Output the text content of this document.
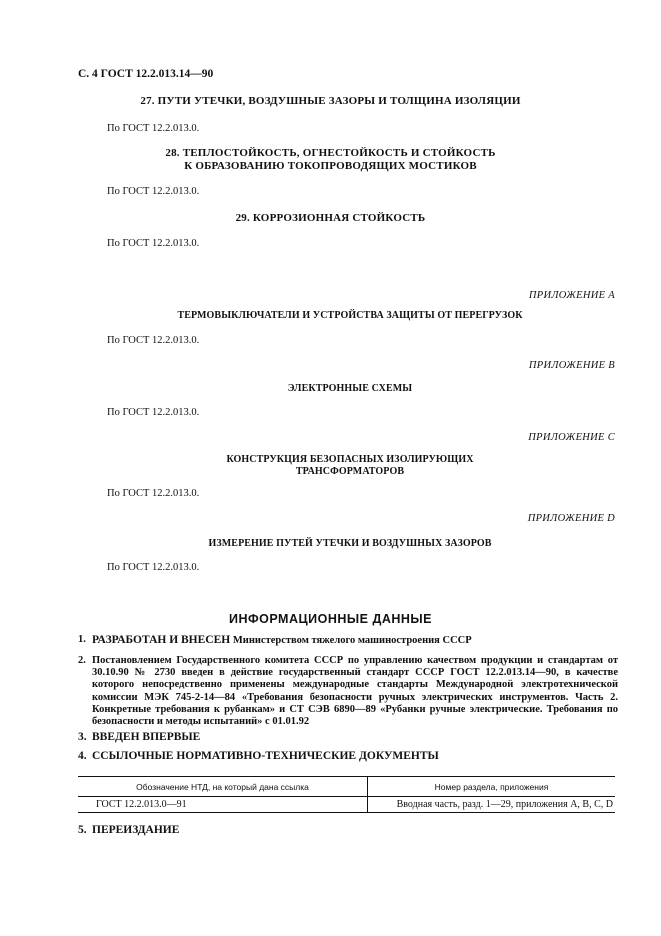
С. 4 ГОСТ 12.2.013.14—90
27. ПУТИ УТЕЧКИ, ВОЗДУШНЫЕ ЗАЗОРЫ И ТОЛЩИНА ИЗОЛЯЦИИ
По ГОСТ 12.2.013.0.
28. ТЕПЛОСТОЙКОСТЬ, ОГНЕСТОЙКОСТЬ И СТОЙКОСТЬ
К ОБРАЗОВАНИЮ ТОКОПРОВОДЯЩИХ МОСТИКОВ
По ГОСТ 12.2.013.0.
29. КОРРОЗИОННАЯ СТОЙКОСТЬ
По ГОСТ 12.2.013.0.
ПРИЛОЖЕНИЕ А
ТЕРМОВЫКЛЮЧАТЕЛИ И УСТРОЙСТВА ЗАЩИТЫ ОТ ПЕРЕГРУЗОК
По ГОСТ 12.2.013.0.
ПРИЛОЖЕНИЕ В
ЭЛЕКТРОННЫЕ СХЕМЫ
По ГОСТ 12.2.013.0.
ПРИЛОЖЕНИЕ С
КОНСТРУКЦИЯ БЕЗОПАСНЫХ ИЗОЛИРУЮЩИХ
ТРАНСФОРМАТОРОВ
По ГОСТ 12.2.013.0.
ПРИЛОЖЕНИЕ D
ИЗМЕРЕНИЕ ПУТЕЙ УТЕЧКИ И ВОЗДУШНЫХ ЗАЗОРОВ
По ГОСТ 12.2.013.0.
ИНФОРМАЦИОННЫЕ ДАННЫЕ
1. РАЗРАБОТАН И ВНЕСЕН Министерством тяжелого машиностроения СССР
2. Постановлением Государственного комитета СССР по управлению качеством продукции и стандартам от 30.10.90 № 2730 введен в действие государственный стандарт СССР ГОСТ 12.2.013.14—90, в качестве которого непосредственно применены международные стандарты Международной электротехнической комиссии МЭК 745-2-14—84 «Требования безопасности ручных электрических инструментов. Часть 2. Конкретные требования к рубанкам» и СТ СЭВ 6890—89 «Рубанки ручные электрические. Требования по безопасности и методы испытаний» с 01.01.92
3. ВВЕДЕН ВПЕРВЫЕ
4. ССЫЛОЧНЫЕ НОРМАТИВНО-ТЕХНИЧЕСКИЕ ДОКУМЕНТЫ
Обозначение НТД, на который дана ссылка	Номер раздела, приложения
ГОСТ 12.2.013.0—91	Вводная часть, разд. 1—29, приложения А, В, С, D
5. ПЕРЕИЗДАНИЕ
